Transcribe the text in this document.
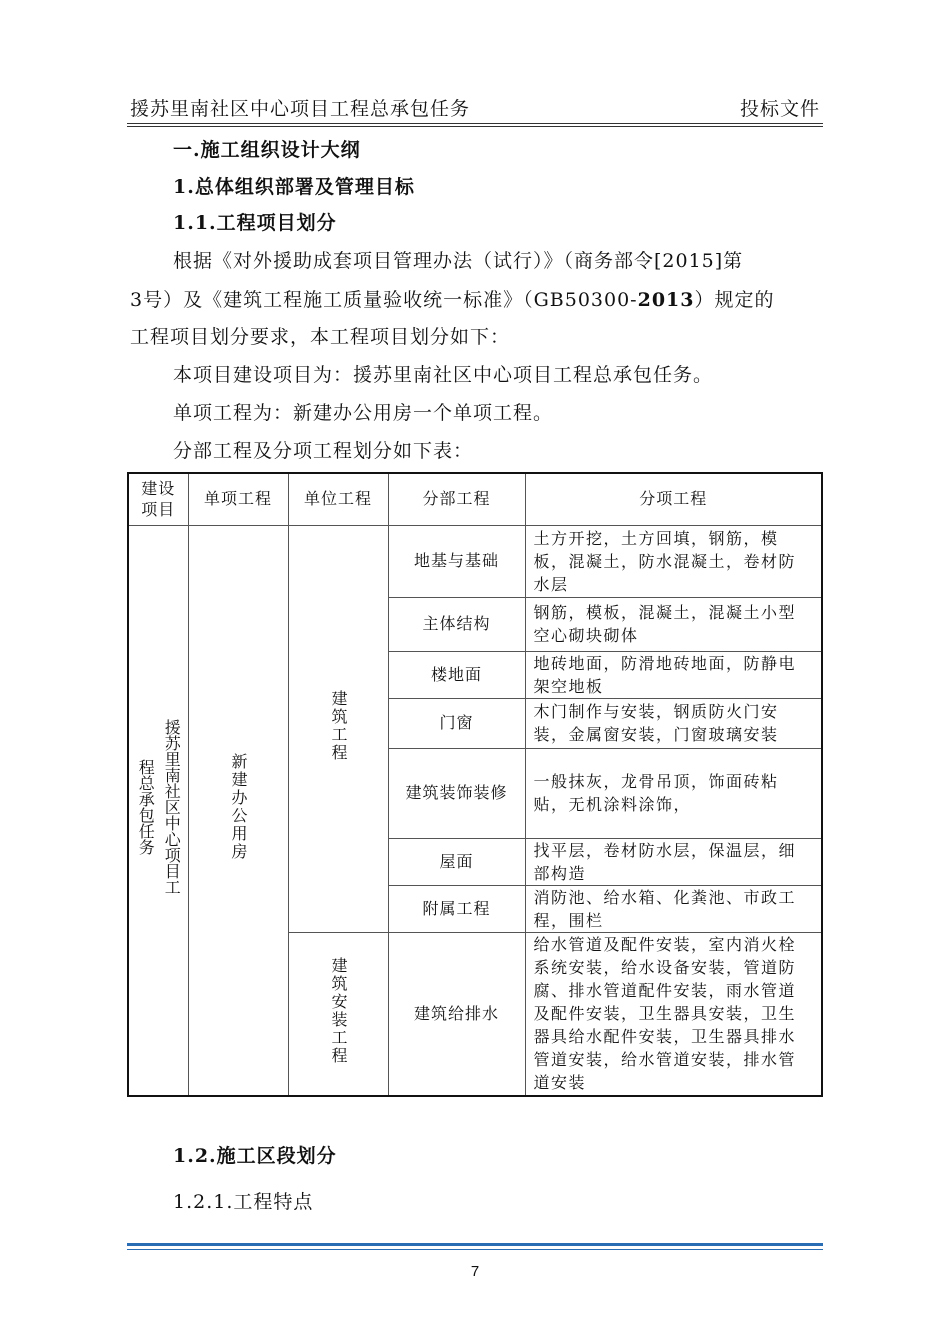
援苏里南社区中心项目工程总承包任务	投标文件
一.施工组织设计大纲
1.总体组织部署及管理目标
1.1.工程项目划分
根据《对外援助成套项目管理办法（试行）》（商务部令[2015]第
3号）及《建筑工程施工质量验收统一标准》（GB50300-2013）规定的
工程项目划分要求，本工程项目划分如下：
本项目建设项目为：援苏里南社区中心项目工程总承包任务。
单项工程为：新建办公用房一个单项工程。
分部工程及分项工程划分如下表：
建设项目	单项工程	单位工程	分部工程	分项工程
援苏里南社区中心项目工程总承包任务	新建办公用房	建筑工程	地基与基础	土方开挖，土方回填，钢筋，模板，混凝土，防水混凝土，卷材防水层
			主体结构	钢筋，模板，混凝土，混凝土小型空心砌块砌体
			楼地面	地砖地面，防滑地砖地面，防静电架空地板
			门窗	木门制作与安装，钢质防火门安装，金属窗安装，门窗玻璃安装
			建筑装饰装修	一般抹灰，龙骨吊顶，饰面砖粘贴，无机涂料涂饰，
			屋面	找平层，卷材防水层，保温层，细部构造
			附属工程	消防池、给水箱、化粪池、市政工程，围栏
		建筑安装工程	建筑给排水	给水管道及配件安装，室内消火栓系统安装，给水设备安装，管道防腐、排水管道配件安装，雨水管道及配件安装，卫生器具安装，卫生器具给水配件安装，卫生器具排水管道安装，给水管道安装，排水管道安装
1.2.施工区段划分
1.2.1.工程特点
7
